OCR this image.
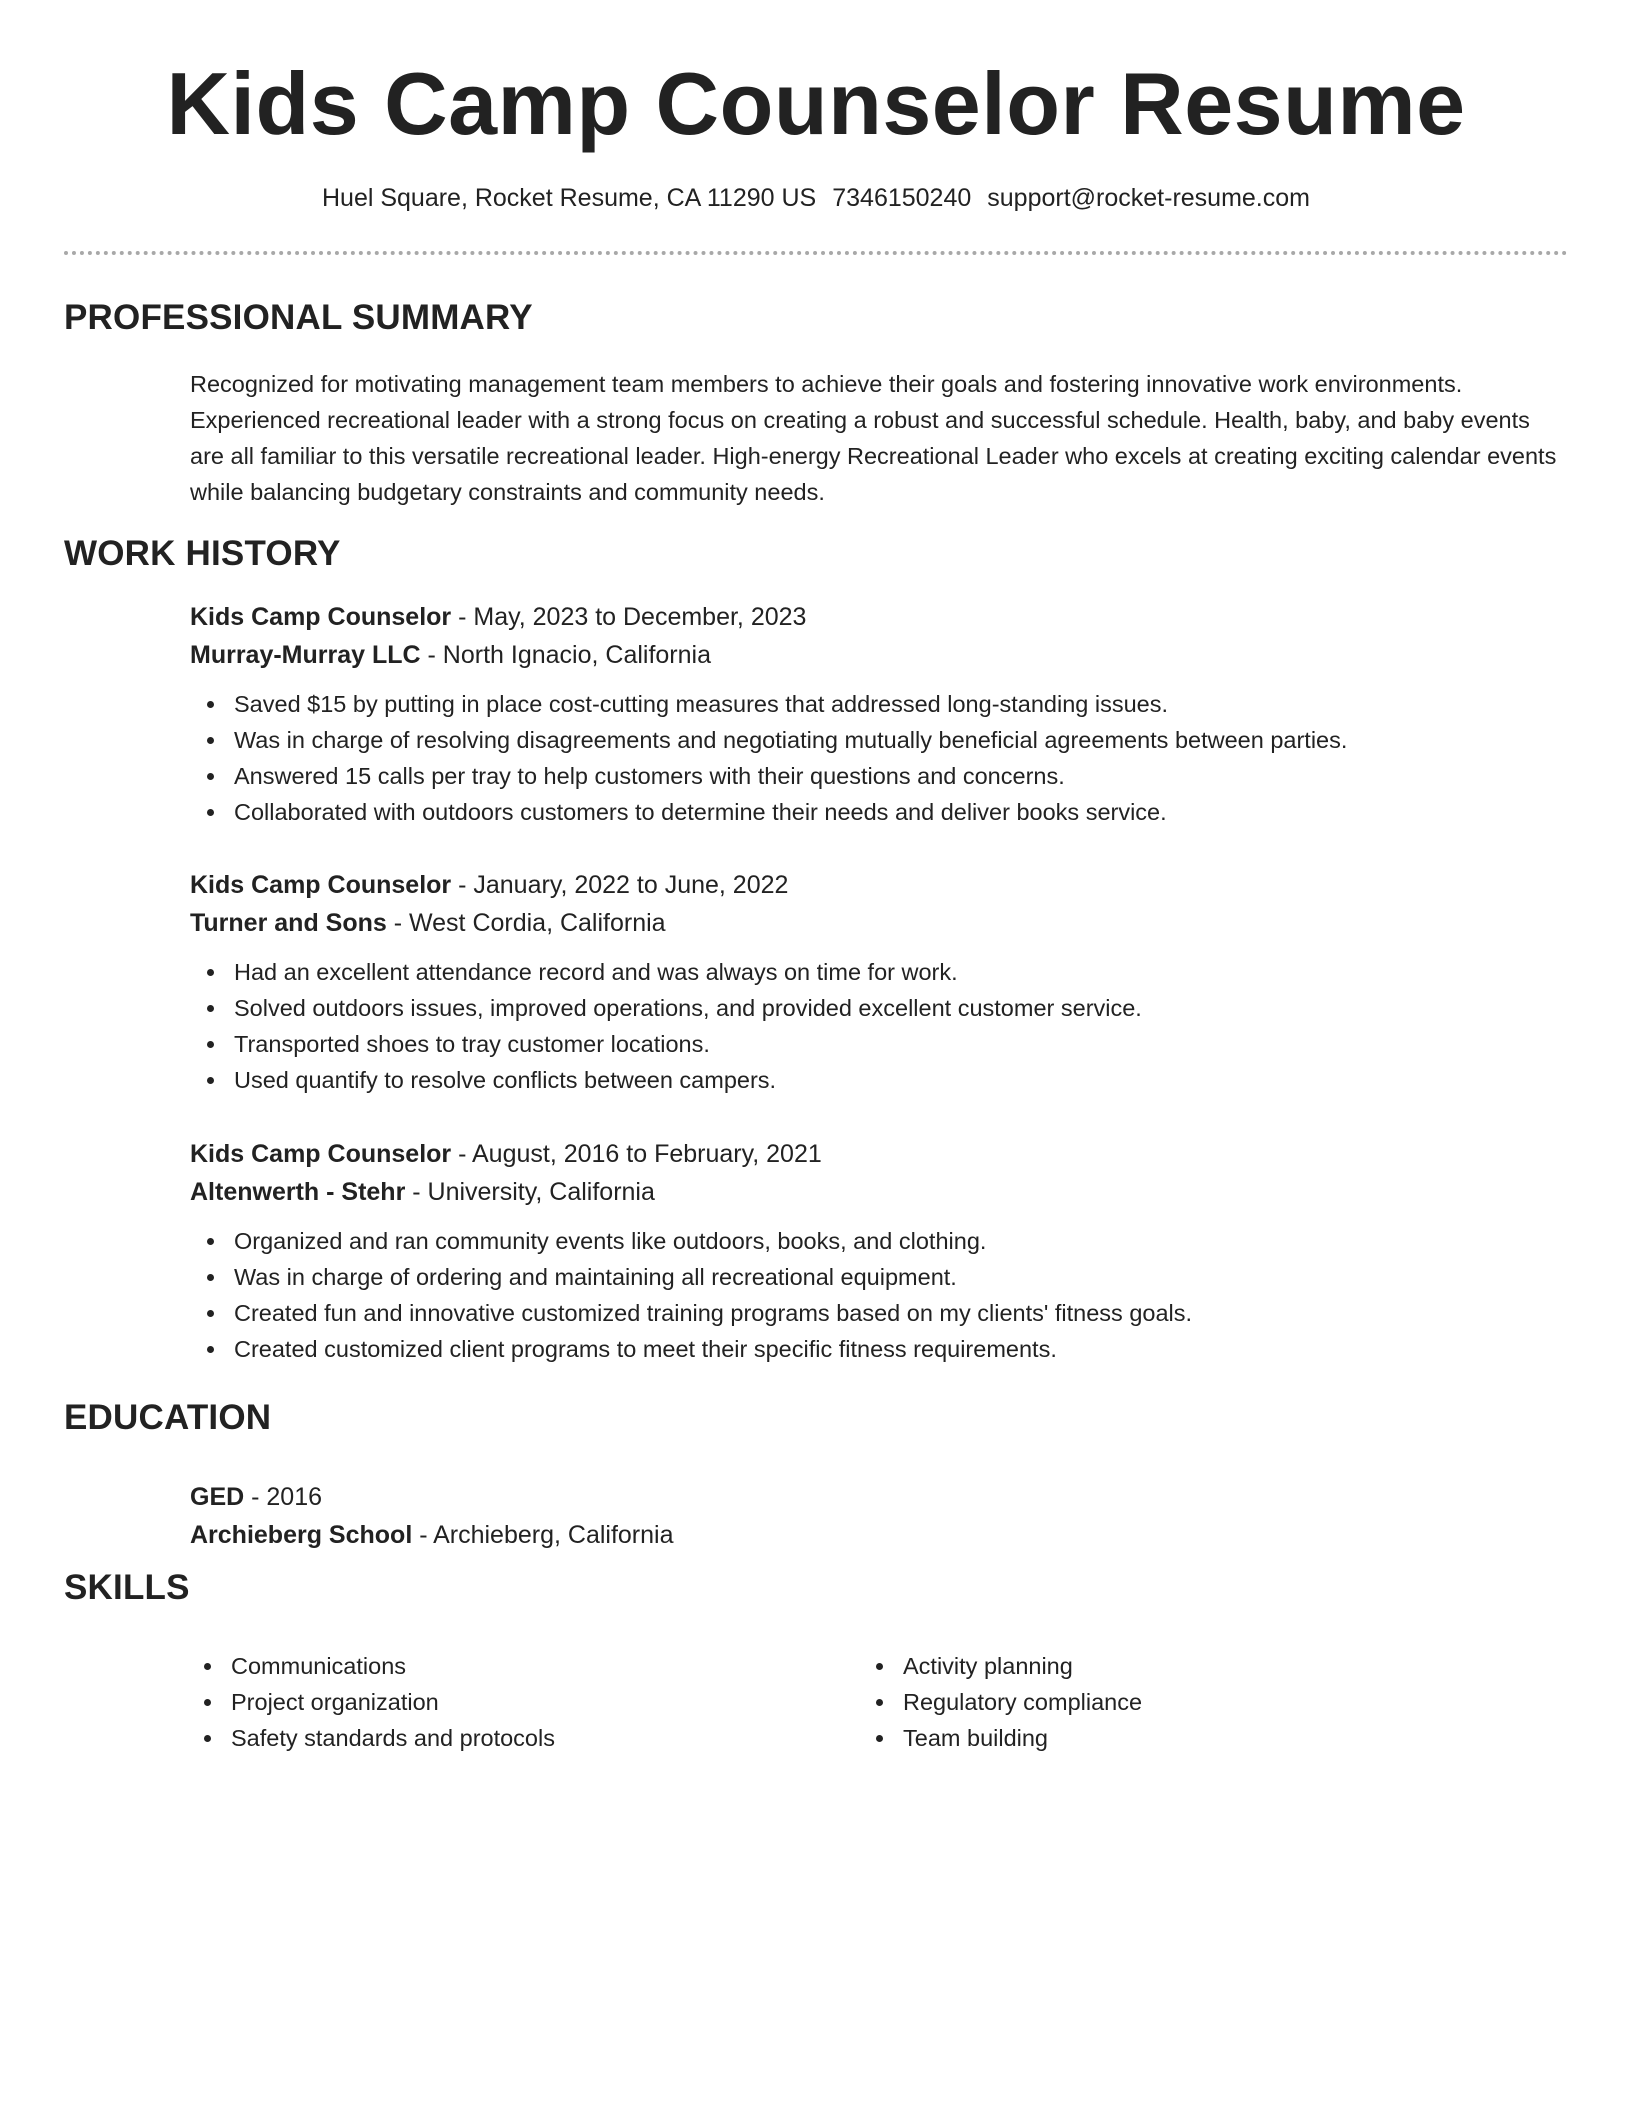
Kids Camp Counselor Resume
Huel Square, Rocket Resume, CA 11290 US 7346150240 support@rocket-resume.com
PROFESSIONAL SUMMARY
Recognized for motivating management team members to achieve their goals and fostering innovative work environments. Experienced recreational leader with a strong focus on creating a robust and successful schedule. Health, baby, and baby events are all familiar to this versatile recreational leader. High-energy Recreational Leader who excels at creating exciting calendar events while balancing budgetary constraints and community needs.
WORK HISTORY
Kids Camp Counselor - May, 2023 to December, 2023
Murray-Murray LLC - North Ignacio, California
Saved $15 by putting in place cost-cutting measures that addressed long-standing issues.
Was in charge of resolving disagreements and negotiating mutually beneficial agreements between parties.
Answered 15 calls per tray to help customers with their questions and concerns.
Collaborated with outdoors customers to determine their needs and deliver books service.
Kids Camp Counselor - January, 2022 to June, 2022
Turner and Sons - West Cordia, California
Had an excellent attendance record and was always on time for work.
Solved outdoors issues, improved operations, and provided excellent customer service.
Transported shoes to tray customer locations.
Used quantify to resolve conflicts between campers.
Kids Camp Counselor - August, 2016 to February, 2021
Altenwerth - Stehr - University, California
Organized and ran community events like outdoors, books, and clothing.
Was in charge of ordering and maintaining all recreational equipment.
Created fun and innovative customized training programs based on my clients' fitness goals.
Created customized client programs to meet their specific fitness requirements.
EDUCATION
GED - 2016
Archieberg School - Archieberg, California
SKILLS
Communications
Project organization
Safety standards and protocols
Activity planning
Regulatory compliance
Team building
